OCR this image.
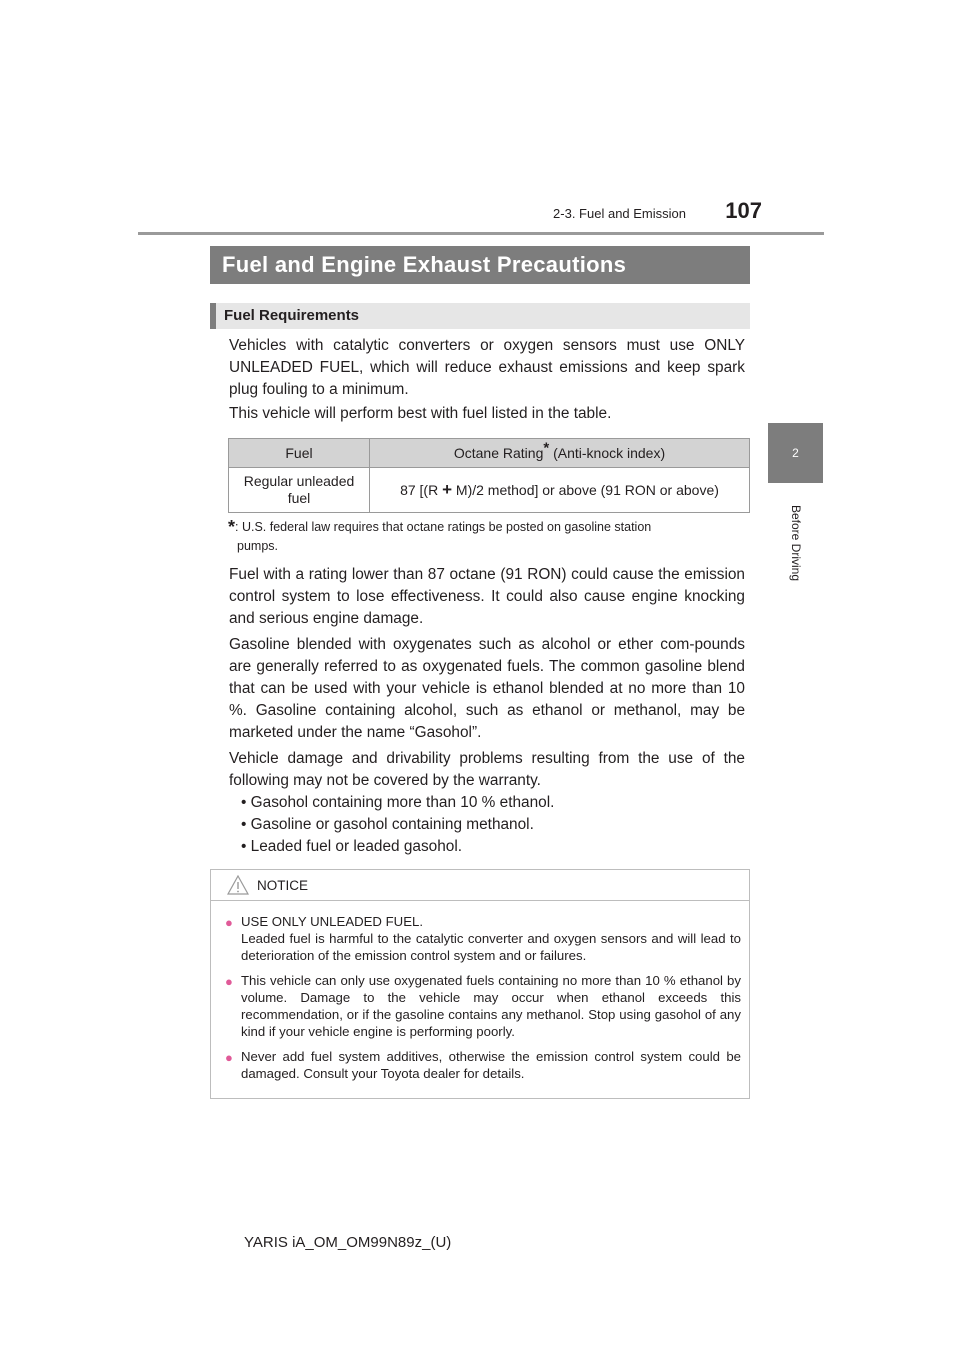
2-3. Fuel and Emission	107
2
Before Driving
Fuel and Engine Exhaust Precautions
Fuel Requirements

Vehicles with catalytic converters or oxygen sensors must use ONLY UNLEADED FUEL, which will reduce exhaust emissions and keep spark plug fouling to a minimum.

This vehicle will perform best with fuel listed in the table.

Fuel	Octane Rating* (Anti-knock index)
Regular unleaded fuel	87 [(R + M)/2 method] or above (91 RON or above)
*: U.S. federal law requires that octane ratings be posted on gasoline station
pumps.

Fuel with a rating lower than 87 octane (91 RON) could cause the emission control system to lose effectiveness. It could also cause engine knocking and serious engine damage.

Gasoline blended with oxygenates such as alcohol or ether com-pounds are generally referred to as oxygenated fuels. The common gasoline blend that can be used with your vehicle is ethanol blended at no more than 10 %. Gasoline containing alcohol, such as ethanol or methanol, may be marketed under the name “Gasohol”.

Vehicle damage and drivability problems resulting from the use of the following may not be covered by the warranty.

• Gasohol containing more than 10 % ethanol.
• Gasoline or gasohol containing methanol.
• Leaded fuel or leaded gasohol.
NOTICE
● USE ONLY UNLEADED FUEL.
Leaded fuel is harmful to the catalytic converter and oxygen sensors and will lead to deterioration of the emission control system and or failures.
● This vehicle can only use oxygenated fuels containing no more than 10 % ethanol by volume. Damage to the vehicle may occur when ethanol exceeds this recommendation, or if the gasoline contains any methanol. Stop using gasohol of any kind if your vehicle engine is performing poorly.
● Never add fuel system additives, otherwise the emission control system could be damaged. Consult your Toyota dealer for details.
YARIS iA_OM_OM99N89z_(U)
